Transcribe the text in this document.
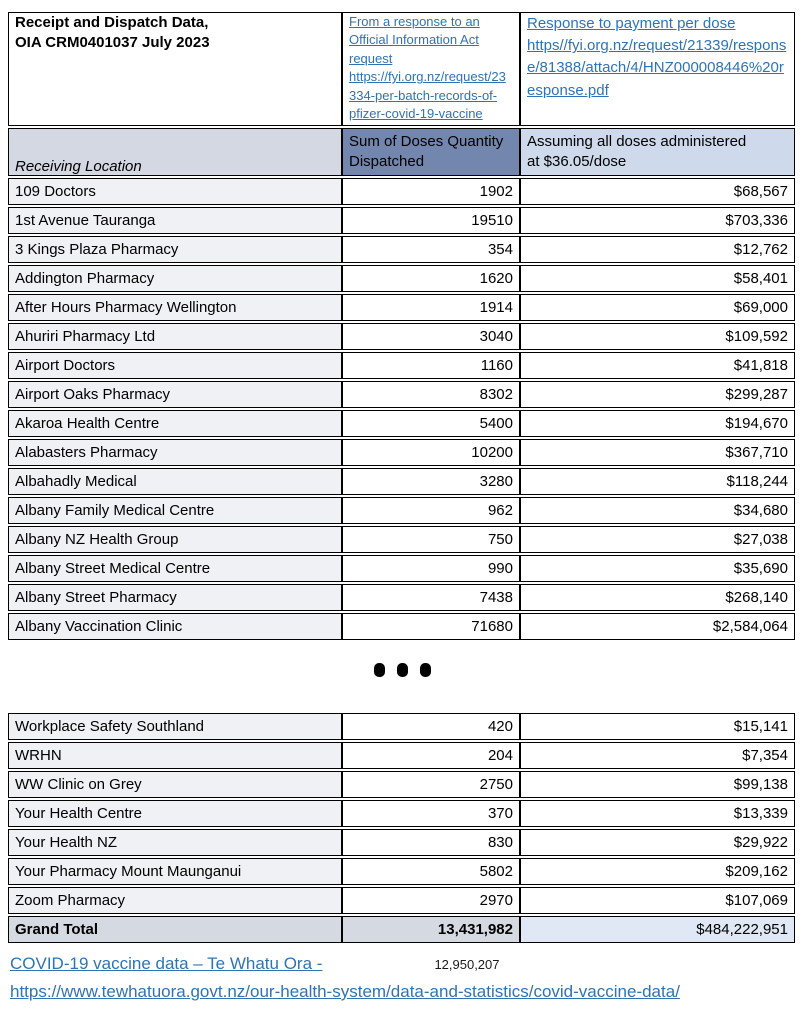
Receipt and Dispatch Data,
OIA CRM0401037 July 2023	From a response to an Official Information Act request https://fyi.org.nz/request/23334-per-batch-records-of-pfizer-covid-19-vaccine	Response to payment per dose https//fyi.org.nz/request/21339/response/81388/attach/4/HNZ000008446%20response.pdf

Receiving Location	Sum of Doses Quantity Dispatched	Assuming all doses administered at $36.05/dose

109 Doctors	1902	$68,567
1st Avenue Tauranga	19510	$703,336
3 Kings Plaza Pharmacy	354	$12,762
Addington Pharmacy	1620	$58,401
After Hours Pharmacy Wellington	1914	$69,000
Ahuriri Pharmacy Ltd	3040	$109,592
Airport Doctors	1160	$41,818
Airport Oaks Pharmacy	8302	$299,287
Akaroa Health Centre	5400	$194,670
Alabasters Pharmacy	10200	$367,710
Albahadly Medical	3280	$118,244
Albany Family Medical Centre	962	$34,680
Albany NZ Health Group	750	$27,038
Albany Street Medical Centre	990	$35,690
Albany Street Pharmacy	7438	$268,140
Albany Vaccination Clinic	71680	$2,584,064
Workplace Safety Southland	420	$15,141
WRHN	204	$7,354
WW Clinic on Grey	2750	$99,138
Your Health Centre	370	$13,339
Your Health NZ	830	$29,922
Your Pharmacy Mount Maunganui	5802	$209,162
Zoom Pharmacy	2970	$107,069
Grand Total	13,431,982	$484,222,951
COVID-19 vaccine data – Te Whatu Ora -	12,950,207
https://www.tewhatuora.govt.nz/our-health-system/data-and-statistics/covid-vaccine-data/
